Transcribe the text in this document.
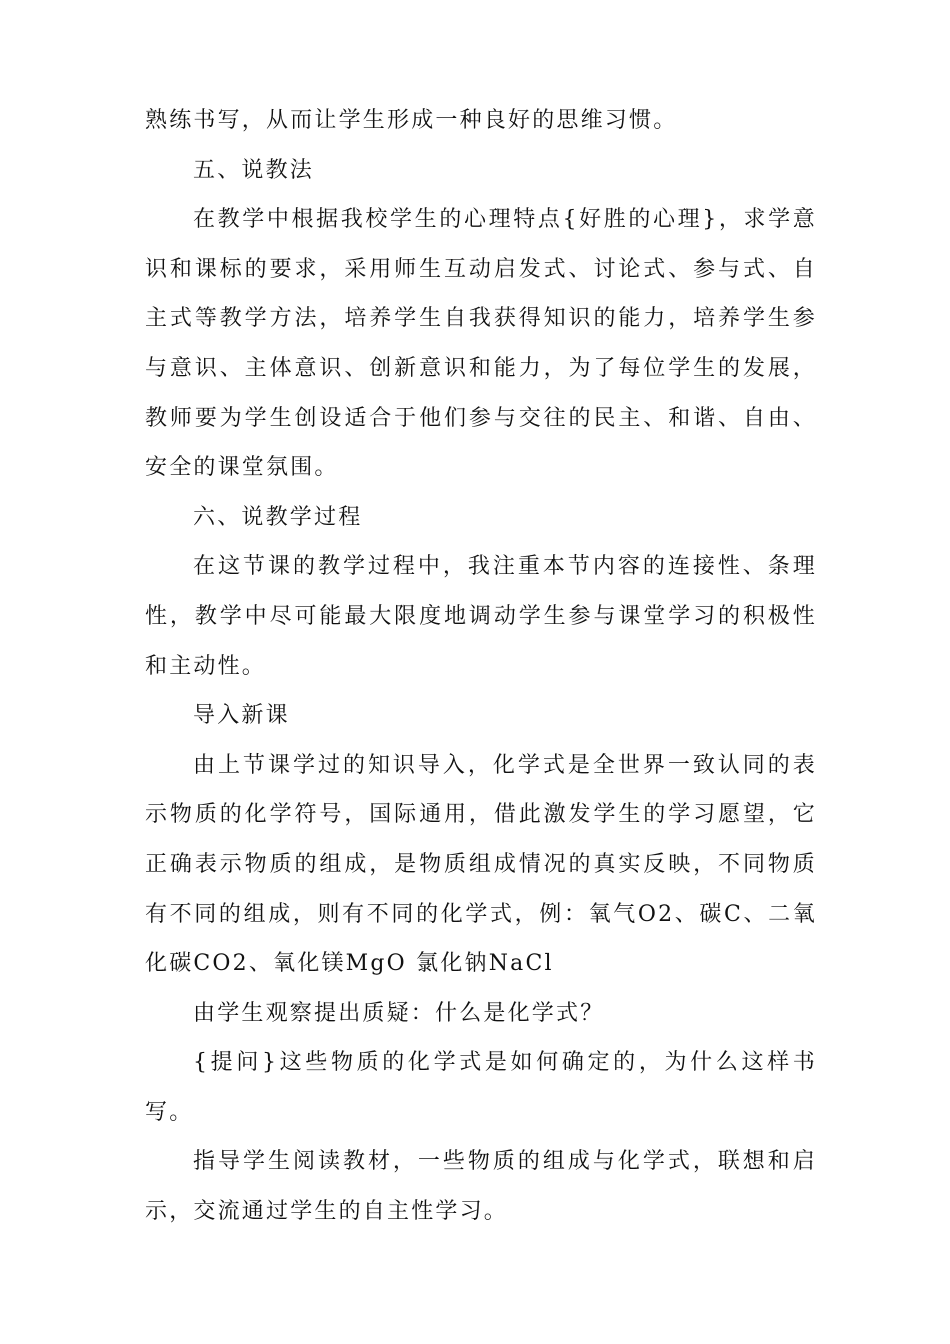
熟练书写，从而让学生形成一种良好的思维习惯。

五、说教法

在教学中根据我校学生的心理特点{好胜的心理}，求学意识和课标的要求，采用师生互动启发式、讨论式、参与式、自主式等教学方法，培养学生自我获得知识的能力，培养学生参与意识、主体意识、创新意识和能力，为了每位学生的发展，教师要为学生创设适合于他们参与交往的民主、和谐、自由、安全的课堂氛围。

六、说教学过程

在这节课的教学过程中，我注重本节内容的连接性、条理性，教学中尽可能最大限度地调动学生参与课堂学习的积极性和主动性。

导入新课

由上节课学过的知识导入，化学式是全世界一致认同的表示物质的化学符号，国际通用，借此激发学生的学习愿望，它正确表示物质的组成，是物质组成情况的真实反映，不同物质有不同的组成，则有不同的化学式，例：氧气O2、碳C、二氧化碳CO2、氧化镁MgO 氯化钠NaCl

由学生观察提出质疑：什么是化学式？

{提问}这些物质的化学式是如何确定的，为什么这样书写。

指导学生阅读教材，一些物质的组成与化学式，联想和启示，交流通过学生的自主性学习。
